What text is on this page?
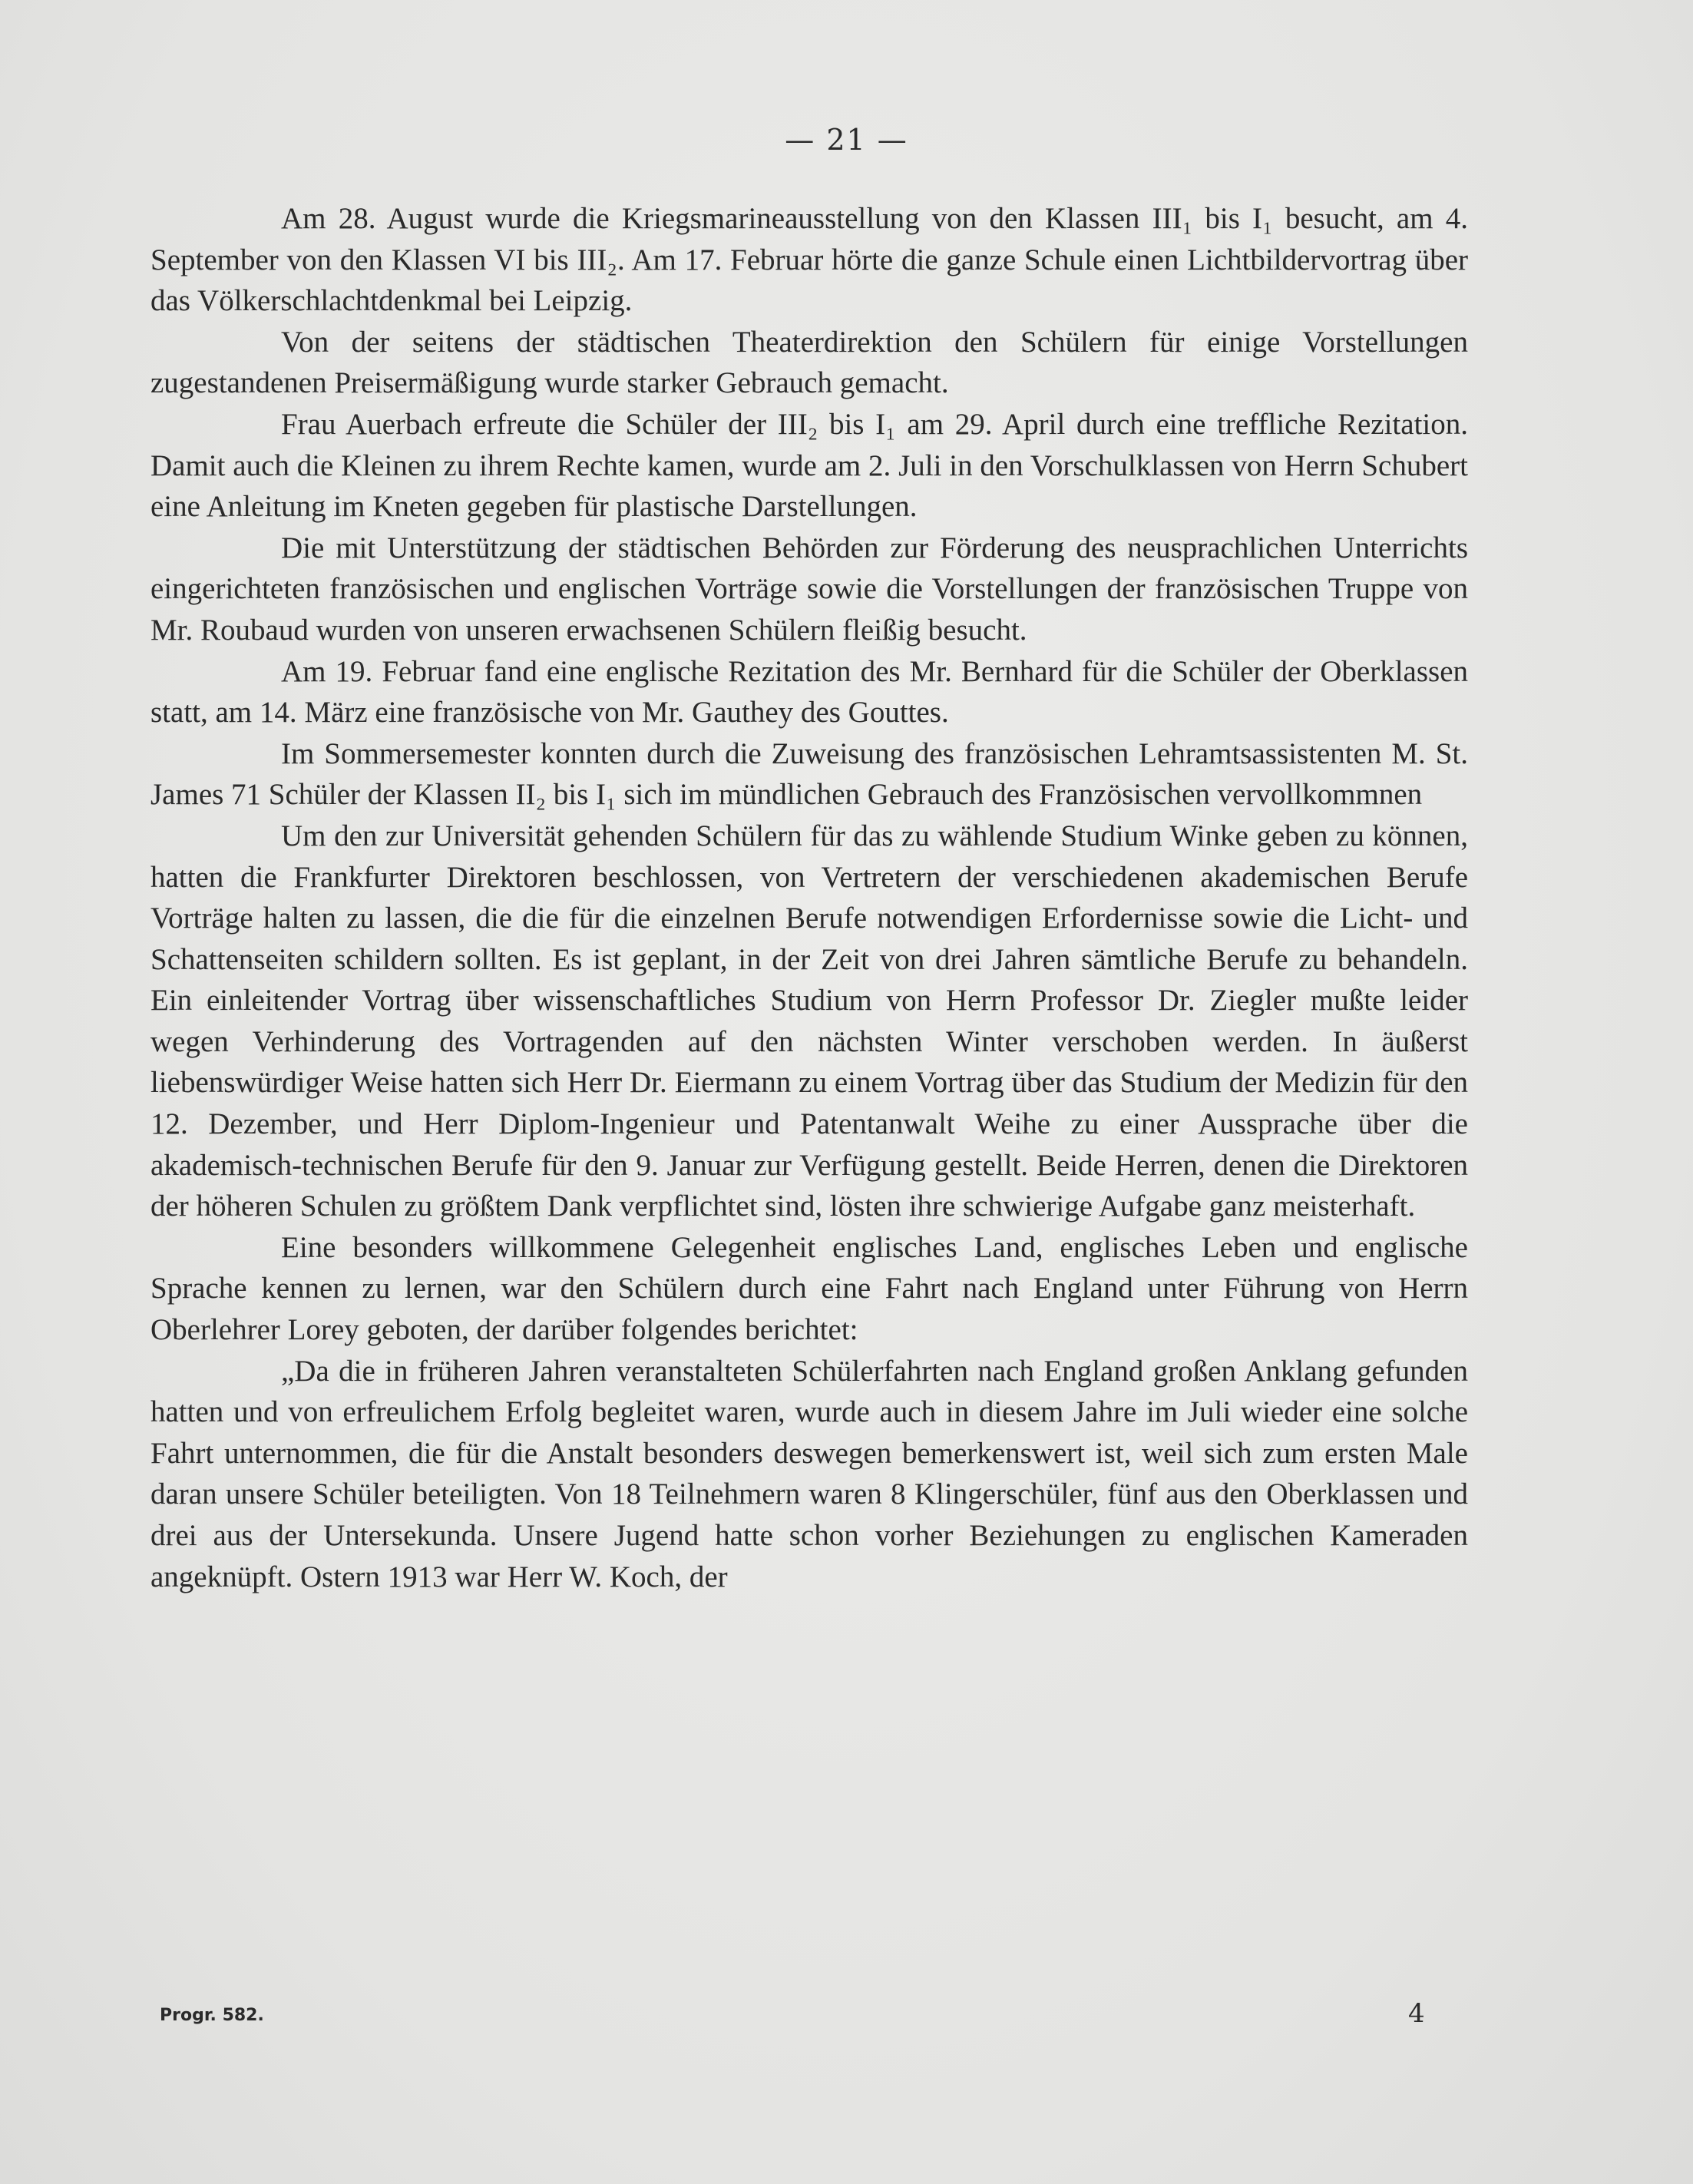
— 21 —

Am 28. August wurde die Kriegsmarineausstellung von den Klassen III₁ bis I₁ besucht, am 4. September von den Klassen VI bis III₂. Am 17. Februar hörte die ganze Schule einen Lichtbildervortrag über das Völkerschlachtdenkmal bei Leipzig.

Von der seitens der städtischen Theaterdirektion den Schülern für einige Vorstellungen zugestandenen Preisermäßigung wurde starker Gebrauch gemacht.

Frau Auerbach erfreute die Schüler der III₂ bis I₁ am 29. April durch eine treffliche Rezitation. Damit auch die Kleinen zu ihrem Rechte kamen, wurde am 2. Juli in den Vorschulklassen von Herrn Schubert eine Anleitung im Kneten gegeben für plastische Darstellungen.

Die mit Unterstützung der städtischen Behörden zur Förderung des neusprachlichen Unterrichts eingerichteten französischen und englischen Vorträge sowie die Vorstellungen der französischen Truppe von Mr. Roubaud wurden von unseren erwachsenen Schülern fleißig besucht.

Am 19. Februar fand eine englische Rezitation des Mr. Bernhard für die Schüler der Oberklassen statt, am 14. März eine französische von Mr. Gauthey des Gouttes.

Im Sommersemester konnten durch die Zuweisung des französischen Lehramtsassistenten M. St. James 71 Schüler der Klassen II₂ bis I₁ sich im mündlichen Gebrauch des Französischen vervollkommnen

Um den zur Universität gehenden Schülern für das zu wählende Studium Winke geben zu können, hatten die Frankfurter Direktoren beschlossen, von Vertretern der verschiedenen akademischen Berufe Vorträge halten zu lassen, die die für die einzelnen Berufe notwendigen Erfordernisse sowie die Licht- und Schattenseiten schildern sollten. Es ist geplant, in der Zeit von drei Jahren sämtliche Berufe zu behandeln. Ein einleitender Vortrag über wissenschaftliches Studium von Herrn Professor Dr. Ziegler mußte leider wegen Verhinderung des Vortragenden auf den nächsten Winter verschoben werden. In äußerst liebenswürdiger Weise hatten sich Herr Dr. Eiermann zu einem Vortrag über das Studium der Medizin für den 12. Dezember, und Herr Diplom-Ingenieur und Patentanwalt Weihe zu einer Aussprache über die akademisch-technischen Berufe für den 9. Januar zur Verfügung gestellt. Beide Herren, denen die Direktoren der höheren Schulen zu größtem Dank verpflichtet sind, lösten ihre schwierige Aufgabe ganz meisterhaft.

Eine besonders willkommene Gelegenheit englisches Land, englisches Leben und englische Sprache kennen zu lernen, war den Schülern durch eine Fahrt nach England unter Führung von Herrn Oberlehrer Lorey geboten, der darüber folgendes berichtet:

„Da die in früheren Jahren veranstalteten Schülerfahrten nach England großen Anklang gefunden hatten und von erfreulichem Erfolg begleitet waren, wurde auch in diesem Jahre im Juli wieder eine solche Fahrt unternommen, die für die Anstalt besonders deswegen bemerkenswert ist, weil sich zum ersten Male daran unsere Schüler beteiligten. Von 18 Teilnehmern waren 8 Klingerschüler, fünf aus den Oberklassen und drei aus der Untersekunda. Unsere Jugend hatte schon vorher Beziehungen zu englischen Kameraden angeknüpft. Ostern 1913 war Herr W. Koch, der

Progr. 582.	4
